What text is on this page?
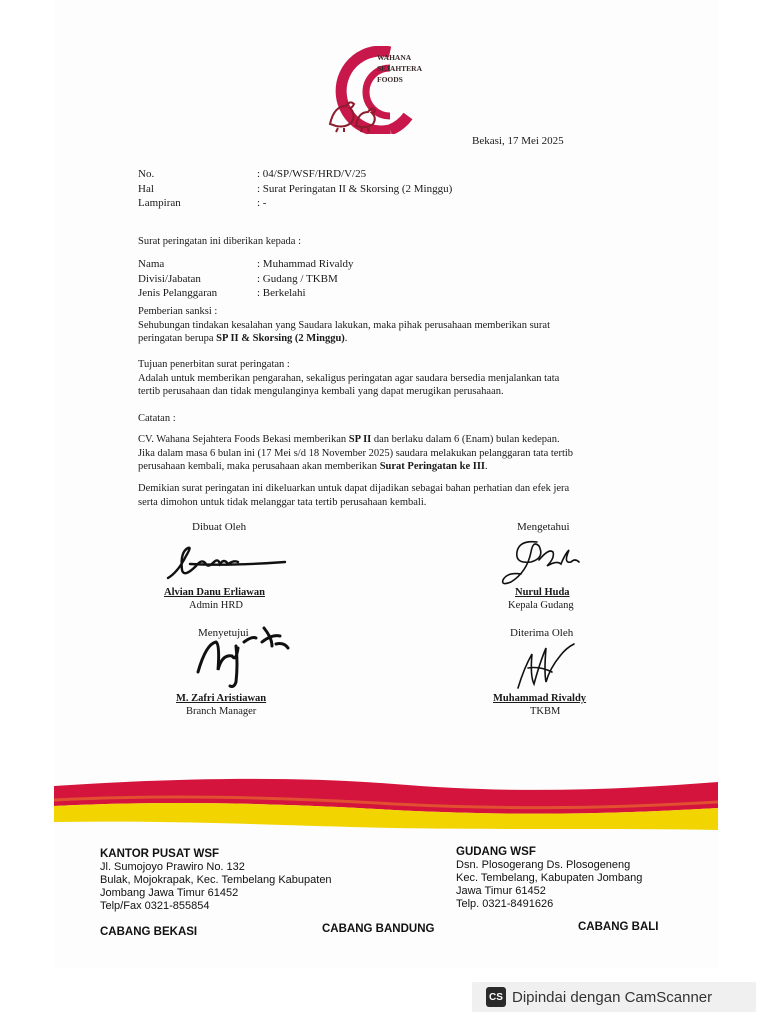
WAHANA
SEJAHTERA
FOODS
Bekasi, 17 Mei 2025
No.	: 04/SP/WSF/HRD/V/25
Hal	: Surat Peringatan II & Skorsing (2 Minggu)
Lampiran	: -
Surat peringatan ini diberikan kepada :
Nama	: Muhammad Rivaldy
Divisi/Jabatan	: Gudang / TKBM
Jenis Pelanggaran	: Berkelahi
Pemberian sanksi :
Sehubungan tindakan kesalahan yang Saudara lakukan, maka pihak perusahaan memberikan surat
peringatan berupa SP II & Skorsing (2 Minggu).
Tujuan penerbitan surat peringatan :
Adalah untuk memberikan pengarahan, sekaligus peringatan agar saudara bersedia menjalankan tata
tertib perusahaan dan tidak mengulanginya kembali yang dapat merugikan perusahaan.
Catatan :
CV. Wahana Sejahtera Foods Bekasi memberikan SP II dan berlaku dalam 6 (Enam) bulan kedepan.
Jika dalam masa 6 bulan ini (17 Mei s/d 18 November 2025) saudara melakukan pelanggaran tata tertib
perusahaan kembali, maka perusahaan akan memberikan Surat Peringatan ke III.
Demikian surat peringatan ini dikeluarkan untuk dapat dijadikan sebagai bahan perhatian dan efek jera
serta dimohon untuk tidak melanggar tata tertib perusahaan kembali.
Dibuat Oleh
Alvian Danu Erliawan
Admin HRD
Mengetahui
Nurul Huda
Kepala Gudang
Menyetujui
M. Zafri Aristiawan
Branch Manager
Diterima Oleh
Muhammad Rivaldy
TKBM
KANTOR PUSAT WSF
Jl. Sumojoyo Prawiro No. 132
Bulak, Mojokrapak, Kec. Tembelang Kabupaten
Jombang Jawa Timur 61452
Telp/Fax 0321-855854
GUDANG WSF
Dsn. Plosogerang Ds. Plosogeneng
Kec. Tembelang, Kabupaten Jombang
Jawa Timur 61452
Telp. 0321-8491626
CABANG BEKASI	CABANG BANDUNG	CABANG BALI
CS Dipindai dengan CamScanner
